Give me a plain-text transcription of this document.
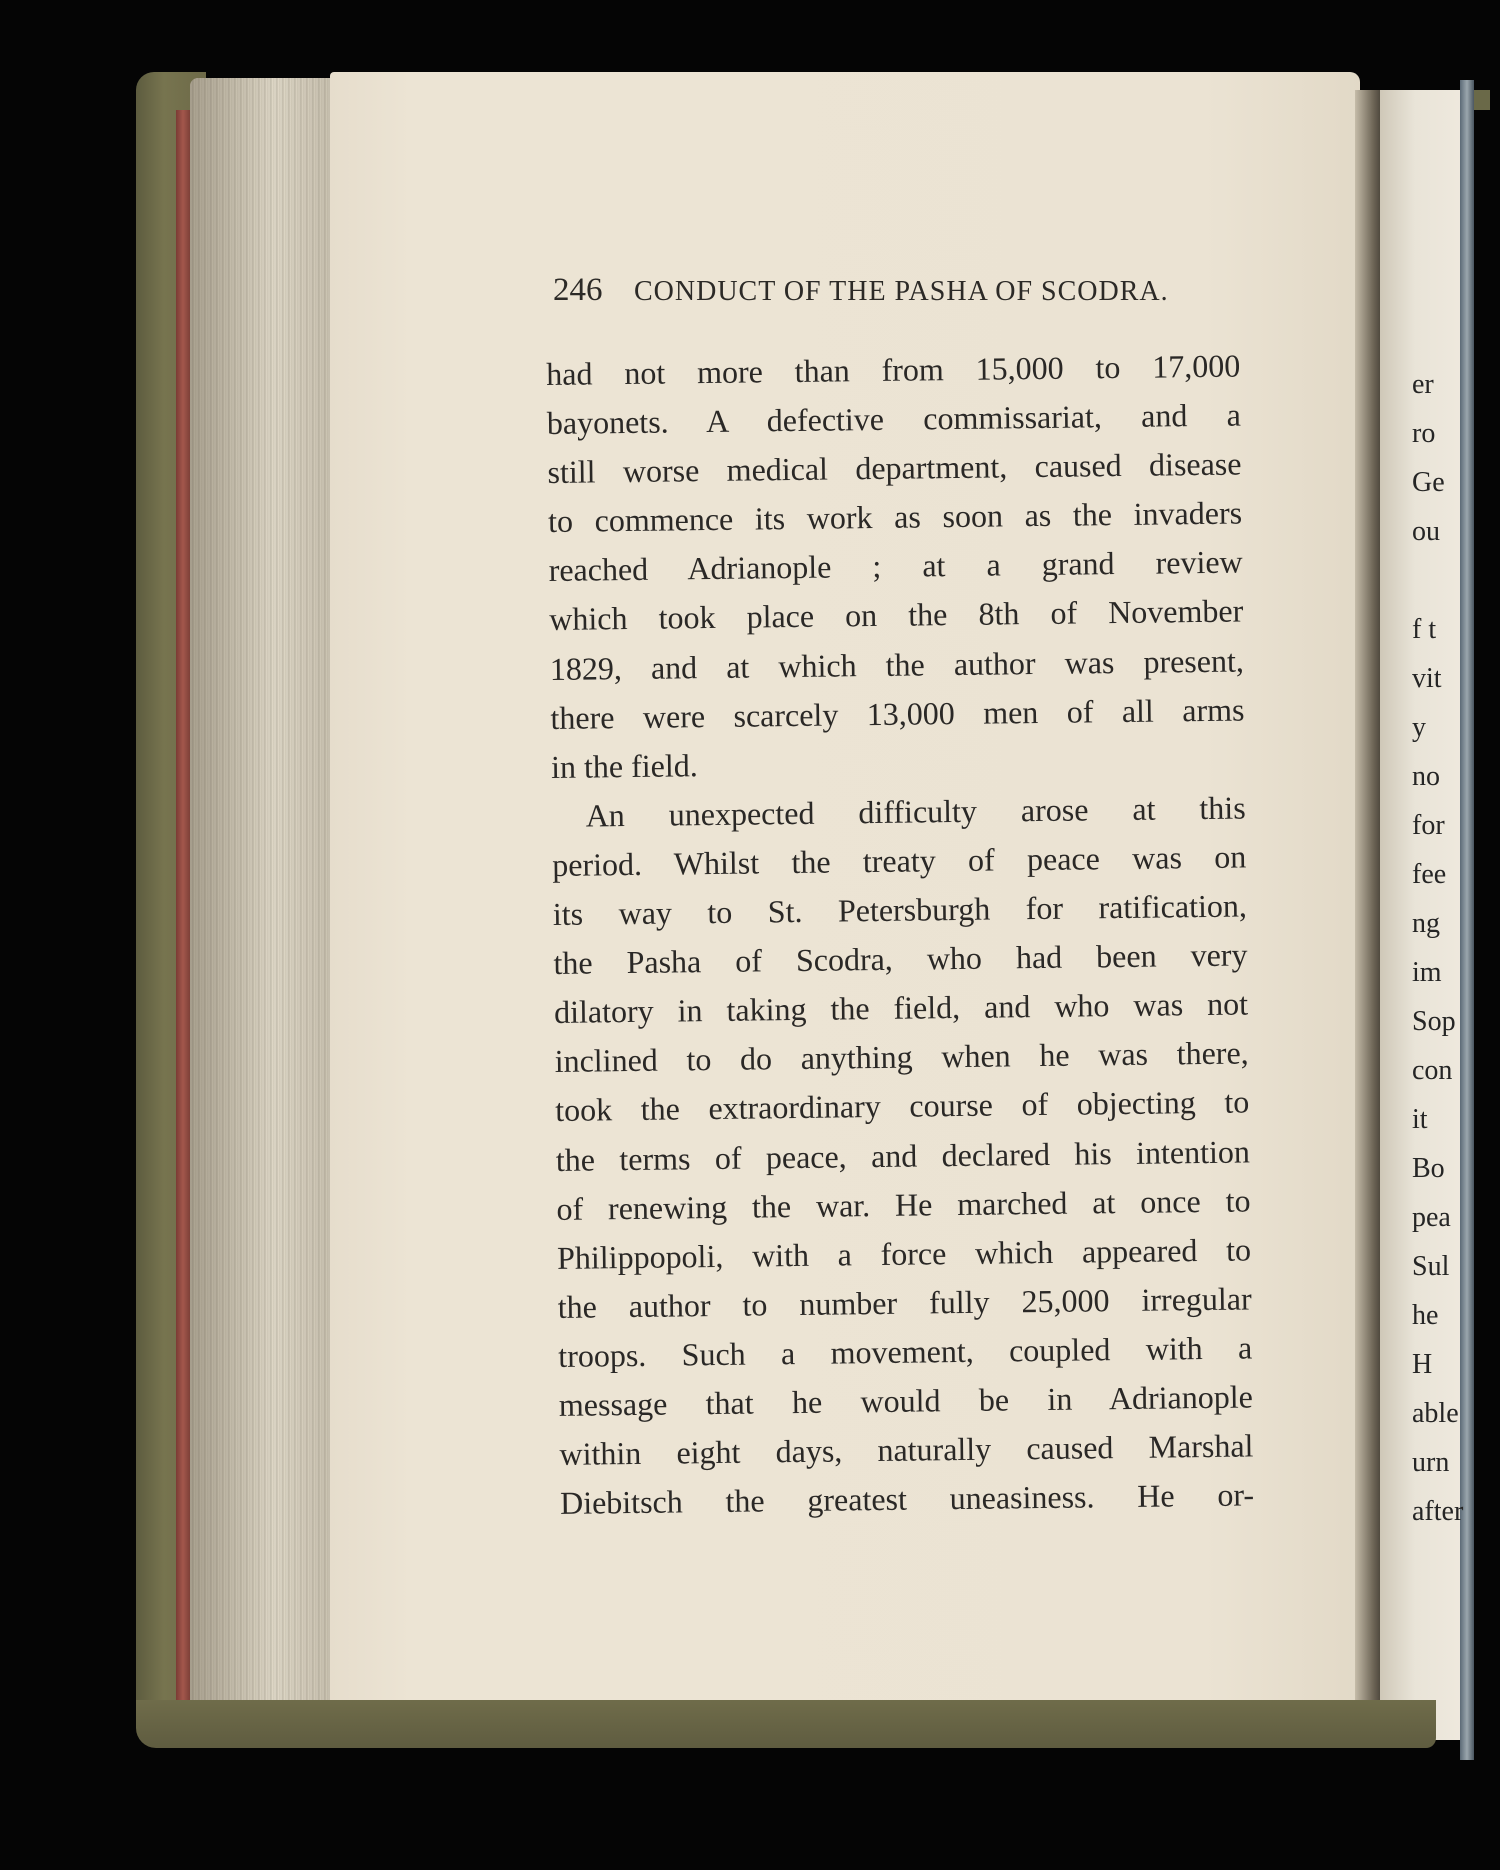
246 CONDUCT OF THE PASHA OF SCODRA.
had not more than from 15,000 to 17,000
bayonets. A defective commissariat, and a
still worse medical department, caused disease
to commence its work as soon as the invaders
reached Adrianople ; at a grand review
which took place on the 8th of November
1829, and at which the author was present,
there were scarcely 13,000 men of all arms
in the field.
An unexpected difficulty arose at this
period. Whilst the treaty of peace was on
its way to St. Petersburgh for ratification,
the Pasha of Scodra, who had been very
dilatory in taking the field, and who was not
inclined to do anything when he was there,
took the extraordinary course of objecting to
the terms of peace, and declared his intention
of renewing the war. He marched at once to
Philippopoli, with a force which appeared to
the author to number fully 25,000 irregular
troops. Such a movement, coupled with a
message that he would be in Adrianople
within eight days, naturally caused Marshal
Diebitsch the greatest uneasiness. He or-
er
ro
Ge
ou
f t
vit
y
no
for
fee
ng
im
Sop
con
it
Bo
pea
Sul
he
H
able
urn
after
